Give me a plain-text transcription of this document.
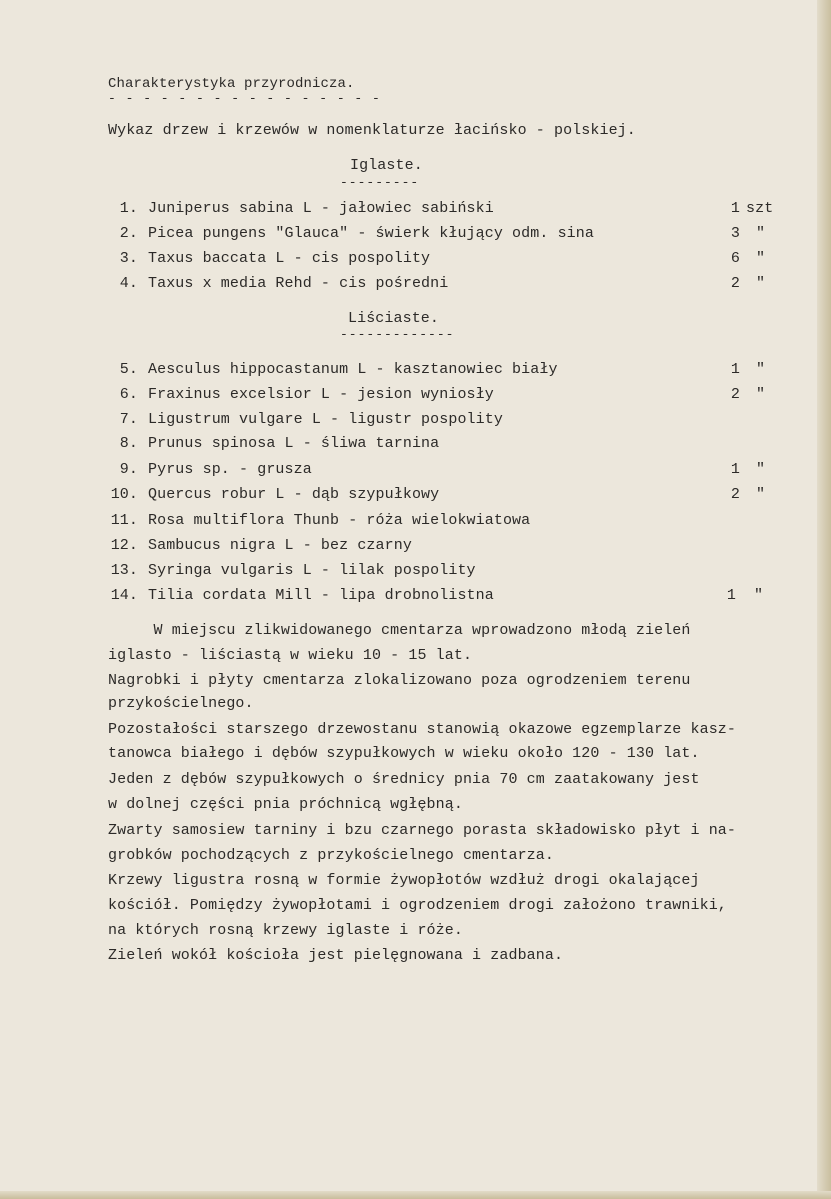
Charakterystyka przyrodnicza.
- - - - - - - - - - - - - - - -
Wykaz drzew i krzewów w nomenklaturze łacińsko - polskiej.
Iglaste.
---------
1. Juniperus sabina L - jałowiec sabiński	1 szt
2. Picea pungens "Glauca" - świerk kłujący odm. sina	3 "
3. Taxus baccata L - cis pospolity	6 "
4. Taxus x media Rehd - cis pośredni	2 "
Liściaste.
-------------
5. Aesculus hippocastanum L - kasztanowiec biały	1 "
6. Fraxinus excelsior L - jesion wyniosły	2 "
7. Ligustrum vulgare L - ligustr pospolity
8. Prunus spinosa L - śliwa tarnina
9. Pyrus sp. - grusza	1 "
10. Quercus robur L - dąb szypułkowy	2 "
11. Rosa multiflora Thunb - róża wielokwiatowa
12. Sambucus nigra L - bez czarny
13. Syringa vulgaris L - lilak pospolity
14. Tilia cordata Mill - lipa drobnolistna	1 "
W miejscu zlikwidowanego cmentarza wprowadzono młodą zieleń
iglasto - liściastą w wieku 10 - 15 lat.
Nagrobki i płyty cmentarza zlokalizowano poza ogrodzeniem terenu
przykościelnego.
Pozostałości starszego drzewostanu stanowią okazowe egzemplarze kasz-
tanowca białego i dębów szypułkowych w wieku około 120 - 130 lat.
Jeden z dębów szypułkowych o średnicy pnia 70 cm zaatakowany jest
w dolnej części pnia próchnicą wgłębną.
Zwarty samosiew tarniny i bzu czarnego porasta składowisko płyt i na-
grobków pochodzących z przykościelnego cmentarza.
Krzewy ligustra rosną w formie żywopłotów wzdłuż drogi okalającej
kościół. Pomiędzy żywopłotami i ogrodzeniem drogi założono trawniki,
na których rosną krzewy iglaste i róże.
Zieleń wokół kościoła jest pielęgnowana i zadbana.
